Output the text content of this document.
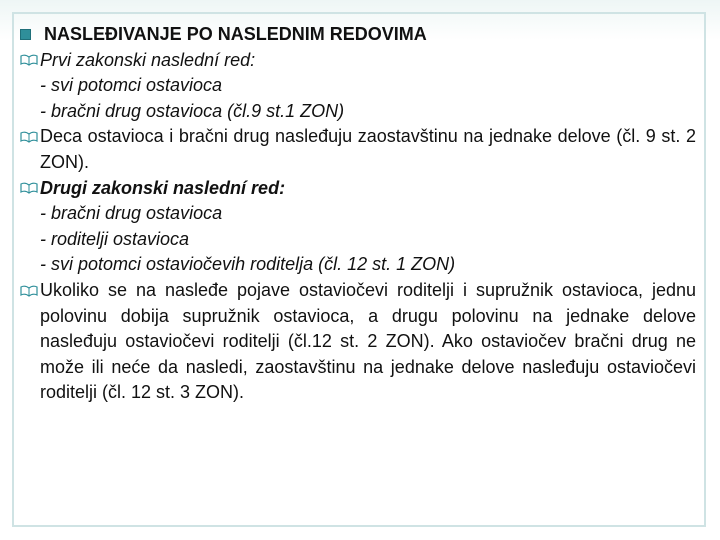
NASLEĐIVANJE PO NASLEDNIM REDOVIMA
Prvi zakonski naslední red:
- svi potomci ostavioca
- bračni drug ostavioca (čl.9 st.1 ZON)
Deca ostavioca i bračni drug nasleđuju zaostavštinu na jednake delove (čl. 9 st. 2 ZON).
Drugi zakonski naslední red:
- bračni drug ostavioca
- roditelji ostavioca
- svi potomci ostaviočevih roditelja (čl. 12 st. 1 ZON)
Ukoliko se na nasleđe pojave ostaviočevi roditelji i supružnik ostavioca, jednu polovinu dobija supružnik ostavioca, a drugu polovinu na jednake delove nasleđuju ostaviočevi roditelji (čl.12 st. 2 ZON). Ako ostaviočev bračni drug ne može ili neće da nasledi, zaostavštinu na jednake delove nasleđuju ostaviočevi roditelji (čl. 12 st. 3 ZON).
